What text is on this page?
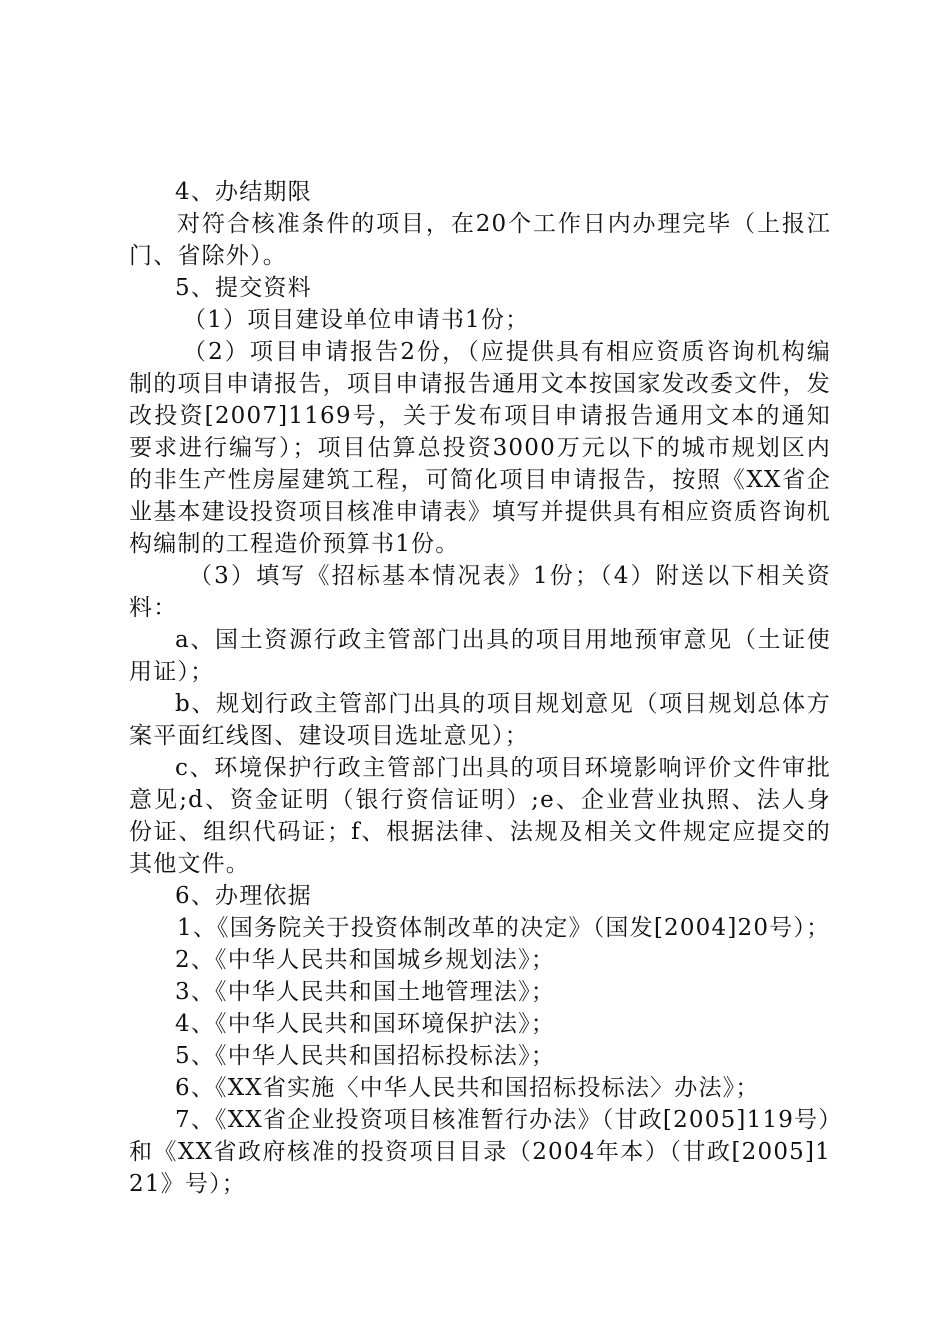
4、办结期限

对符合核准条件的项目，在20个工作日内办理完毕（上报江门、省除外）。

5、提交资料

（1）项目建设单位申请书1份；

（2）项目申请报告2份，（应提供具有相应资质咨询机构编制的项目申请报告，项目申请报告通用文本按国家发改委文件，发改投资[2007]1169号，关于发布项目申请报告通用文本的通知要求进行编写）；项目估算总投资3000万元以下的城市规划区内的非生产性房屋建筑工程，可简化项目申请报告，按照《XX省企业基本建设投资项目核准申请表》填写并提供具有相应资质咨询机构编制的工程造价预算书1份。

（3）填写《招标基本情况表》1份；（4）附送以下相关资料：

a、国土资源行政主管部门出具的项目用地预审意见（土证使用证）；

b、规划行政主管部门出具的项目规划意见（项目规划总体方案平面红线图、建设项目选址意见）；

c、环境保护行政主管部门出具的项目环境影响评价文件审批意见;d、资金证明（银行资信证明）;e、企业营业执照、法人身份证、组织代码证；f、根据法律、法规及相关文件规定应提交的其他文件。

6、办理依据

1、《国务院关于投资体制改革的决定》（国发[2004]20号）；

2、《中华人民共和国城乡规划法》；

3、《中华人民共和国土地管理法》；

4、《中华人民共和国环境保护法》；

5、《中华人民共和国招标投标法》；

6、《XX省实施〈中华人民共和国招标投标法〉办法》；

7、《XX省企业投资项目核准暂行办法》（甘政[2005]119号）和《XX省政府核准的投资项目目录（2004年本）（甘政[2005]121》号）；
